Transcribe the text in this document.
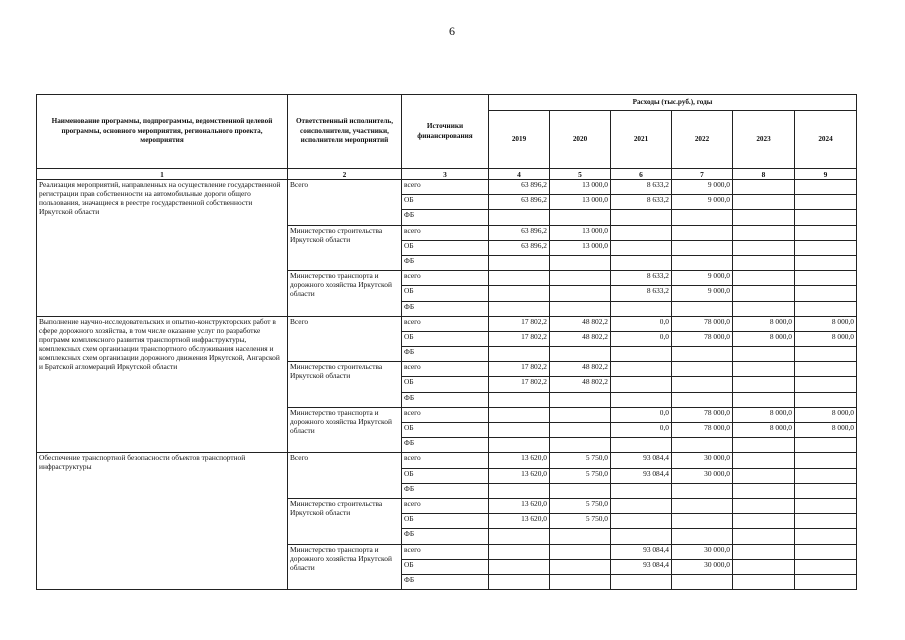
6
Наименование программы, подпрограммы, ведомственной целевой программы, основного мероприятия, регионального проекта, мероприятия	Ответственный исполнитель, соисполнители, участники, исполнители мероприятий	Источники финансирования	Расходы (тыс.руб.), годы					
			2019	2020	2021	2022	2023	2024
1	2	3	4	5	6	7	8	9
Реализация мероприятий, направленных на осуществление государственной регистрации прав собственности на автомобильные дороги общего пользования, значащиеся в реестре государственной собственности Иркутской области	Всего	всего	63 896,2	13 000,0	8 633,2	9 000,0		
		ОБ	63 896,2	13 000,0	8 633,2	9 000,0		
		ФБ						
	Министерство строительства Иркутской области	всего	63 896,2	13 000,0				
		ОБ	63 896,2	13 000,0				
		ФБ						
	Министерство транспорта и дорожного хозяйства Иркутской области	всего			8 633,2	9 000,0		
		ОБ			8 633,2	9 000,0		
		ФБ						
Выполнение научно-исследовательских и опытно-конструкторских работ в сфере дорожного хозяйства, в том числе оказание услуг по разработке программ комплексного развития транспортной инфраструктуры, комплексных схем организации транспортного обслуживания населения и комплексных схем организации дорожного движения Иркутской, Ангарской и Братской агломераций Иркутской области	Всего	всего	17 802,2	48 802,2	0,0	78 000,0	8 000,0	8 000,0
		ОБ	17 802,2	48 802,2	0,0	78 000,0	8 000,0	8 000,0
		ФБ						
	Министерство строительства Иркутской области	всего	17 802,2	48 802,2				
		ОБ	17 802,2	48 802,2				
		ФБ						
	Министерство транспорта и дорожного хозяйства Иркутской области	всего			0,0	78 000,0	8 000,0	8 000,0
		ОБ			0,0	78 000,0	8 000,0	8 000,0
		ФБ						
Обеспечение транспортной безопасности объектов транспортной инфраструктуры	Всего	всего	13 620,0	5 750,0	93 084,4	30 000,0		
		ОБ	13 620,0	5 750,0	93 084,4	30 000,0		
		ФБ						
	Министерство строительства Иркутской области	всего	13 620,0	5 750,0				
		ОБ	13 620,0	5 750,0				
		ФБ						
	Министерство транспорта и дорожного хозяйства Иркутской области	всего			93 084,4	30 000,0		
		ОБ			93 084,4	30 000,0		
		ФБ						
